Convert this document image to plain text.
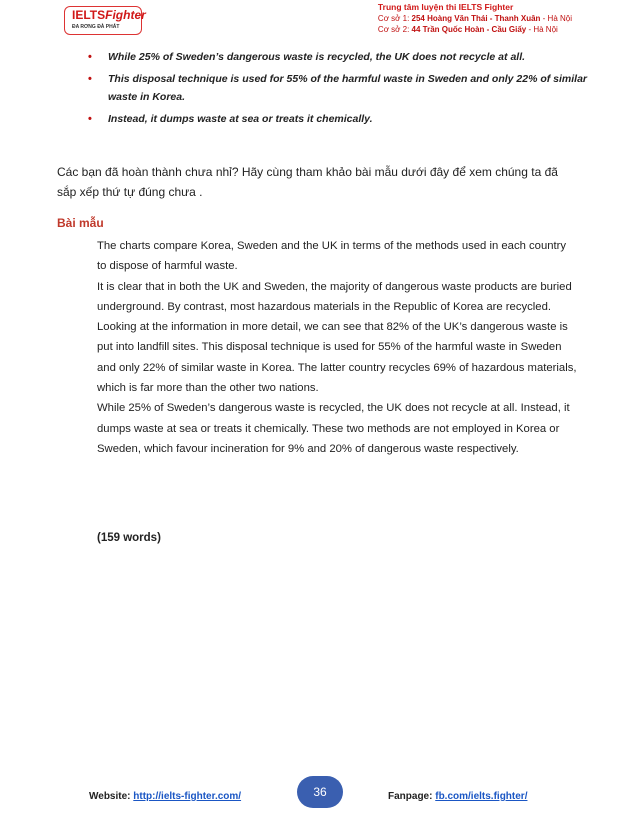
IELTSFighter
ĐA RƠNG ĐÀ PHÁT
Trung tâm luyện thi IELTS Fighter
Cơ sở 1: 254 Hoàng Văn Thái - Thanh Xuân - Hà Nội
Cơ sở 2: 44 Trần Quốc Hoàn - Cầu Giấy - Hà Nội
• While 25% of Sweden’s dangerous waste is recycled, the UK does not recycle at all.
• This disposal technique is used for 55% of the harmful waste in Sweden and only 22% of similar waste in Korea.
• Instead, it dumps waste at sea or treats it chemically.
Các bạn đã hoàn thành chưa nhỉ? Hãy cùng tham khảo bài mẫu dưới đây để xem chúng ta đã sắp xếp thứ tự đúng chưa .
Bài mẫu

The charts compare Korea, Sweden and the UK in terms of the methods used in each country to dispose of harmful waste.

It is clear that in both the UK and Sweden, the majority of dangerous waste products are buried underground. By contrast, most hazardous materials in the Republic of Korea are recycled.

Looking at the information in more detail, we can see that 82% of the UK’s dangerous waste is put into landfill sites. This disposal technique is used for 55% of the harmful waste in Sweden and only 22% of similar waste in Korea. The latter country recycles 69% of hazardous materials, which is far more than the other two nations.

While 25% of Sweden’s dangerous waste is recycled, the UK does not recycle at all. Instead, it dumps waste at sea or treats it chemically. These two methods are not employed in Korea or Sweden, which favour incineration for 9% and 20% of dangerous waste respectively.

(159 words)
Website: http://ielts-fighter.com/	36	Fanpage: fb.com/ielts.fighter/
